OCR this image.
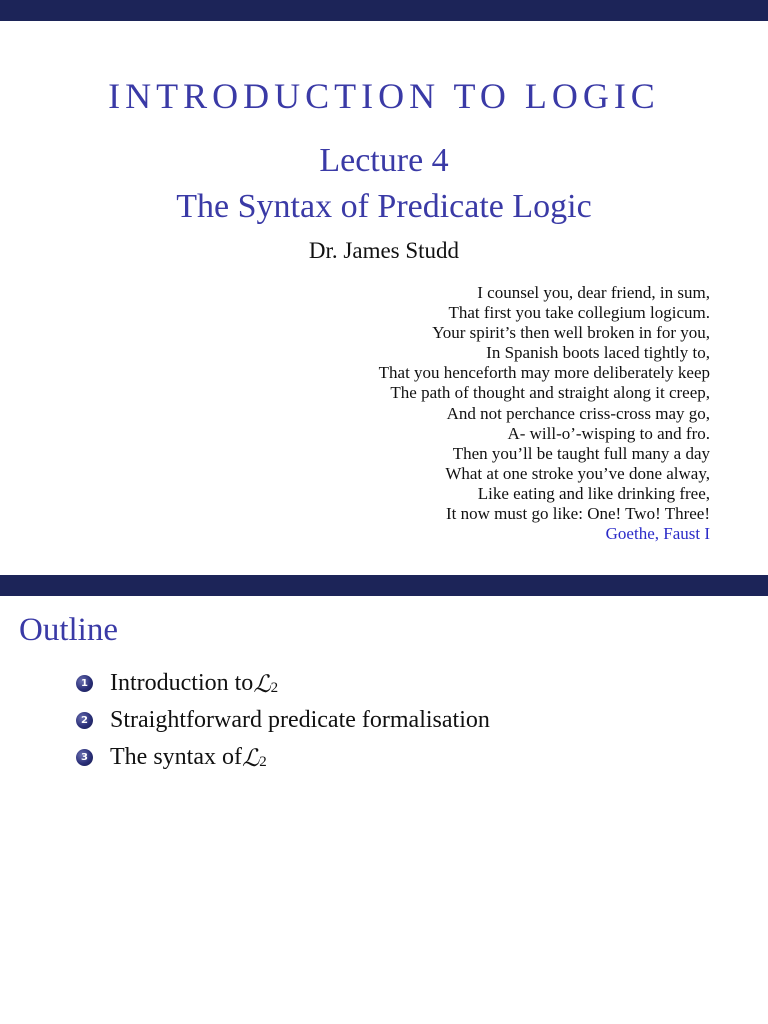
INTRODUCTION TO LOGIC
Lecture 4
The Syntax of Predicate Logic
Dr. James Studd
I counsel you, dear friend, in sum,
That first you take collegium logicum.
Your spirit’s then well broken in for you,
In Spanish boots laced tightly to,
That you henceforth may more deliberately keep
The path of thought and straight along it creep,
And not perchance criss-cross may go,
A- will-o’-wisping to and fro.
Then you’ll be taught full many a day
What at one stroke you’ve done alway,
Like eating and like drinking free,
It now must go like: One! Two! Three!
Goethe, Faust I
Outline
1 Introduction to ℒ 2
2 Straightforward predicate formalisation
3 The syntax of ℒ 2
